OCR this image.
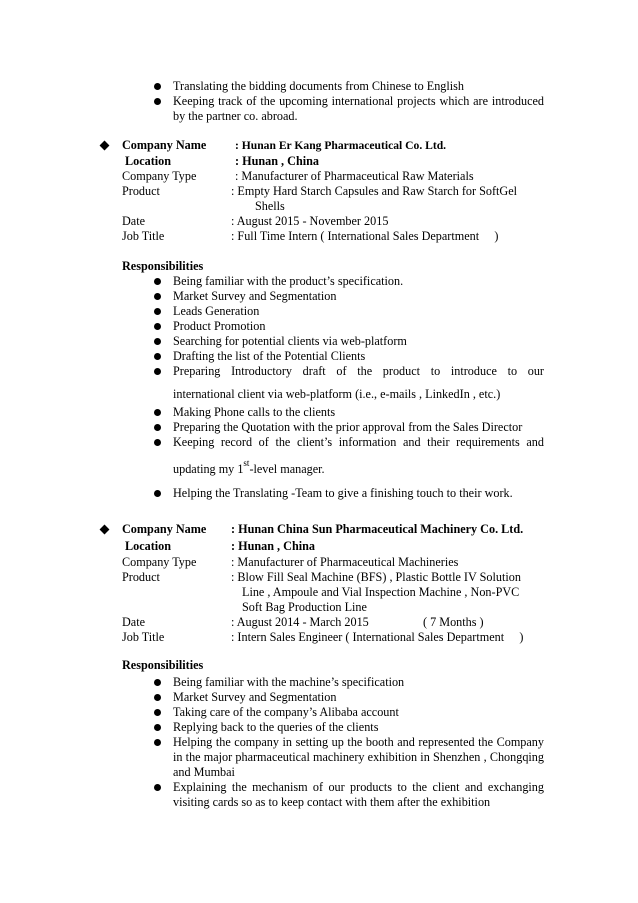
Translating the bidding documents from Chinese to English
Keeping track of the upcoming international projects which are introduced by the partner co. abroad.
Company Name : Hunan Er Kang Pharmaceutical Co. Ltd.
Location	: Hunan , China
Company Type	: Manufacturer of Pharmaceutical Raw Materials
Product	: Empty Hard Starch Capsules and Raw Starch for SoftGel
Shells
Date	: August 2015 - November 2015
Job Title	: Full Time Intern ( International Sales Department 　)
Responsibilities
Being familiar with the product’s specification.
Market Survey and Segmentation
Leads Generation
Product Promotion
Searching for potential clients via web-platform
Drafting the list of the Potential Clients
Preparing Introductory draft of the product to introduce to our
international client via web-platform (i.e., e-mails , LinkedIn , etc.)
Making Phone calls to the clients
Preparing the Quotation with the prior approval from the Sales Director
Keeping record of the client’s information and their requirements and
updating my 1st-level manager.
Helping the Translating -Team to give a finishing touch to their work.
Company Name : Hunan China Sun Pharmaceutical Machinery Co. Ltd.
Location	: Hunan , China
Company Type	: Manufacturer of Pharmaceutical Machineries
Product	: Blow Fill Seal Machine (BFS) , Plastic Bottle IV Solution
Line , Ampoule and Vial Inspection Machine , Non-PVC
Soft Bag Production Line
Date	: August 2014 - March 2015	( 7 Months )
Job Title	: Intern Sales Engineer ( International Sales Department 　)
Responsibilities
Being familiar with the machine’s specification
Market Survey and Segmentation
Taking care of the company’s Alibaba account
Replying back to the queries of the clients
Helping the company in setting up the booth and represented the Company in the major pharmaceutical machinery exhibition in Shenzhen , Chongqing and Mumbai
Explaining the mechanism of our products to the client and exchanging visiting cards so as to keep contact with them after the exhibition
